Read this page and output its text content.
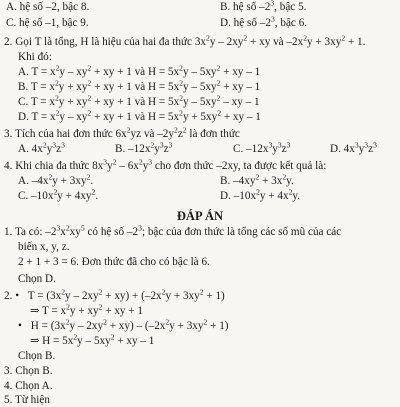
A. hệ số –2, bậc 8.	B. hệ số $-2^3$, bậc 5.
C. hệ số –1, bậc 9.	D. hệ số $-2^3$, bậc 6.
2. Gọi T là tổng, H là hiệu của hai đa thức $3x^2y - 2xy^2$ + xy và $-2x^2y + 3xy^2 + 1$.
Khi đó:
A. $T = x^2y - xy^2$ + xy + 1 và $H = 5x^2y - 5xy^2$ + xy – 1
B. $T = x^2y + xy^2$ + xy + 1 và $H = 5x^2y - 5xy^2$ + xy – 1
C. $T = x^2y + xy^2$ + xy + 1 và $H = 5x^2y - 5xy^2$ – xy – 1
D. $T = x^2y - xy^2$ + xy + 1 và $H = 5x^2y + 5xy^2$ + xy – 1
3. Tích của hai đơn thức $6x^2yz$ và $-2y^2z^2$ là đơn thức
A. $4x^2y^3z^3$	B. $-12x^2y^3z^3$	C. $-12x^3y^3z^3$	D. $4x^3y^3z^3$
4. Khi chia đa thức $8x^3y^2 - 6x^2y^3$ cho đơn thức –2xy, ta được kết quả là:
A. $-4x^2y + 3xy^2$.	B. $-4xy^2 + 3x^2y$.
C. $-10x^2y + 4xy^2$.	D. $-10x^2y + 4x^2y$.
ĐÁP ÁN
1. Ta có: $-2^3x^2xy^5$ có hệ số $-2^3$; bậc của đơn thức là tổng các số mũ của các
biến x, y, z.
2 + 1 + 3 = 6. Đơn thức đã cho có bậc là 6.
Chọn D.
2. • $T = (3x^2y - 2xy^2 + xy) + (-2x^2y + 3xy^2 + 1)$
⇒ $T = x^2y + xy^2$ + xy + 1
• $H = (3x^2y - 2xy^2 + xy) - (-2x^2y + 3xy^2 + 1)$
⇒ $H = 5x^2y - 5xy^2$ + xy – 1
Chọn B.
3. Chọn B.
4. Chọn A.
5. Từ hiện
